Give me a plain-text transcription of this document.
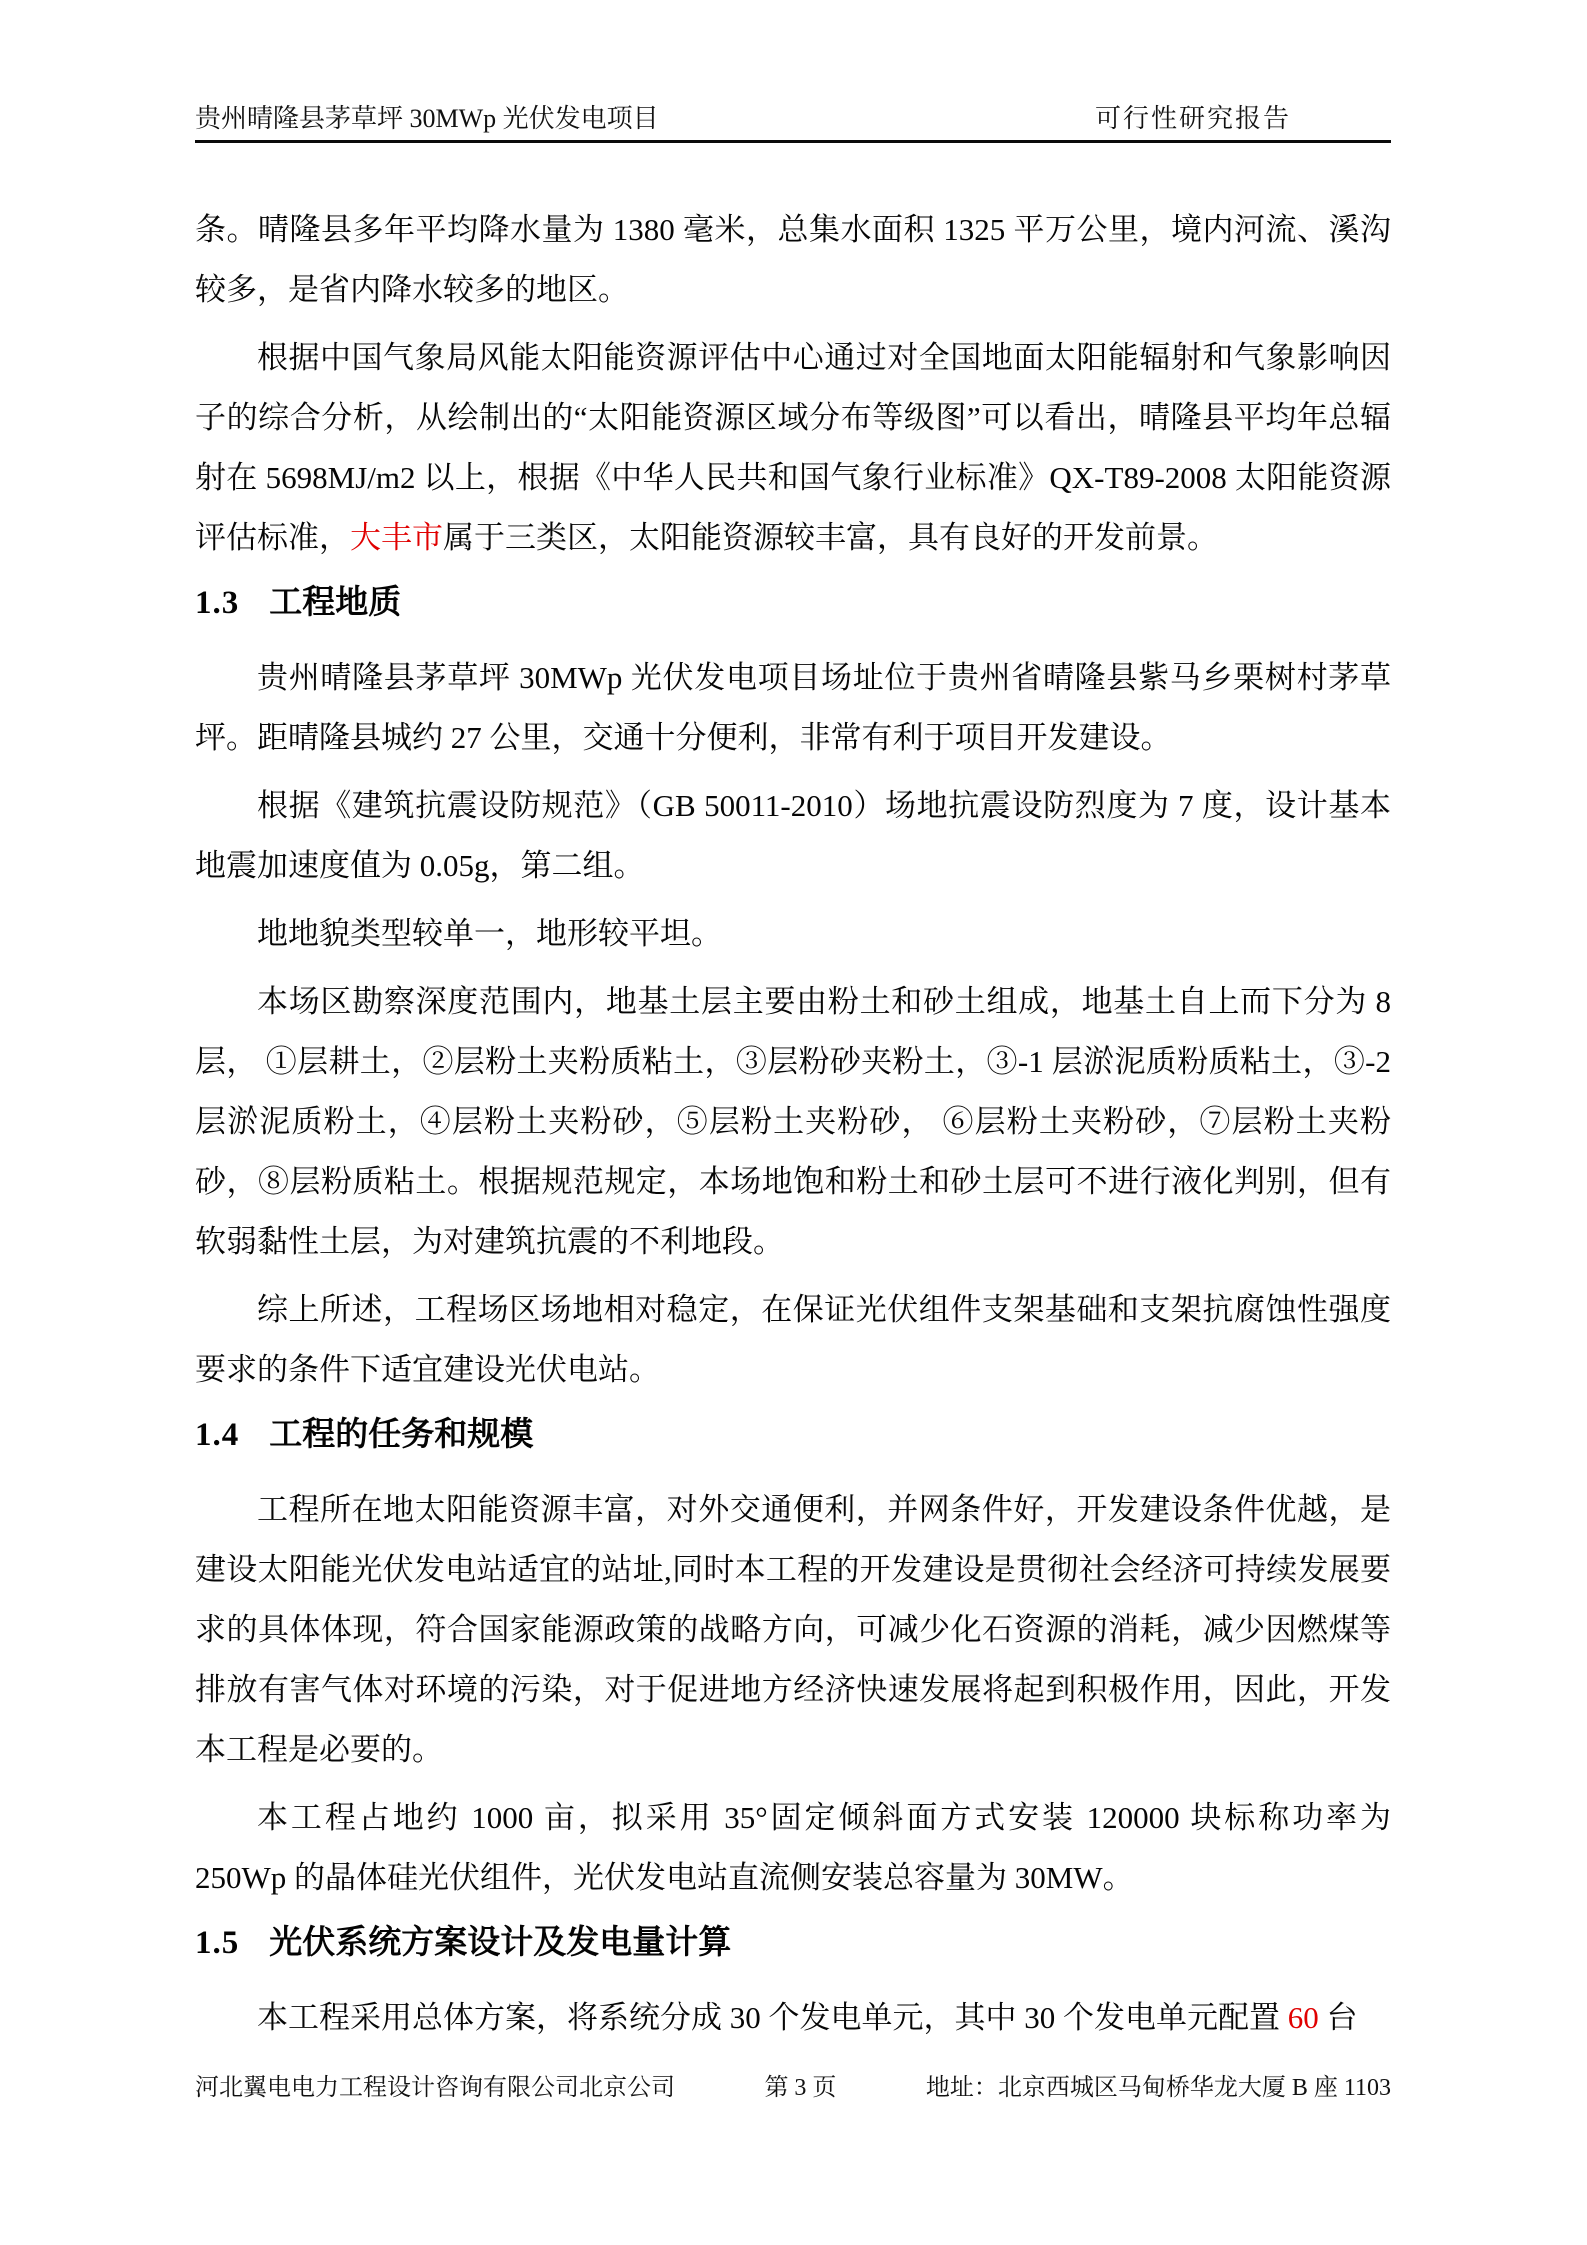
贵州晴隆县茅草坪 30MWp 光伏发电项目	可行性研究报告

条。晴隆县多年平均降水量为 1380 毫米，总集水面积 1325 平万公里，境内河流、溪沟较多，是省内降水较多的地区。

根据中国气象局风能太阳能资源评估中心通过对全国地面太阳能辐射和气象影响因子的综合分析，从绘制出的“太阳能资源区域分布等级图”可以看出，晴隆县平均年总辐射在 5698MJ/m2 以上，根据《中华人民共和国气象行业标准》QX-T89-2008 太阳能资源评估标准，大丰市属于三类区，太阳能资源较丰富，具有良好的开发前景。

1.3 工程地质

贵州晴隆县茅草坪 30MWp 光伏发电项目场址位于贵州省晴隆县紫马乡栗树村茅草坪。距晴隆县城约 27 公里，交通十分便利，非常有利于项目开发建设。

根据《建筑抗震设防规范》（GB 50011-2010）场地抗震设防烈度为 7 度，设计基本地震加速度值为 0.05g，第二组。

地地貌类型较单一，地形较平坦。

本场区勘察深度范围内，地基土层主要由粉土和砂土组成，地基土自上而下分为 8 层， ①层耕土，②层粉土夹粉质粘土，③层粉砂夹粉土，③-1 层淤泥质粉质粘土，③-2 层淤泥质粉土，④层粉土夹粉砂，⑤层粉土夹粉砂， ⑥层粉土夹粉砂，⑦层粉土夹粉砂，⑧层粉质粘土。根据规范规定，本场地饱和粉土和砂土层可不进行液化判别，但有软弱黏性土层，为对建筑抗震的不利地段。

综上所述，工程场区场地相对稳定，在保证光伏组件支架基础和支架抗腐蚀性强度要求的条件下适宜建设光伏电站。

1.4 工程的任务和规模

工程所在地太阳能资源丰富，对外交通便利，并网条件好，开发建设条件优越，是建设太阳能光伏发电站适宜的站址,同时本工程的开发建设是贯彻社会经济可持续发展要求的具体体现，符合国家能源政策的战略方向，可减少化石资源的消耗，减少因燃煤等排放有害气体对环境的污染，对于促进地方经济快速发展将起到积极作用，因此，开发本工程是必要的。

本工程占地约 1000 亩，拟采用 35°固定倾斜面方式安装 120000 块标称功率为 250Wp 的晶体硅光伏组件，光伏发电站直流侧安装总容量为 30MW。

1.5 光伏系统方案设计及发电量计算

本工程采用总体方案，将系统分成 30 个发电单元，其中 30 个发电单元配置 60 台

河北翼电电力工程设计咨询有限公司北京公司	第 3 页	地址：北京西城区马甸桥华龙大厦 B 座 1103
